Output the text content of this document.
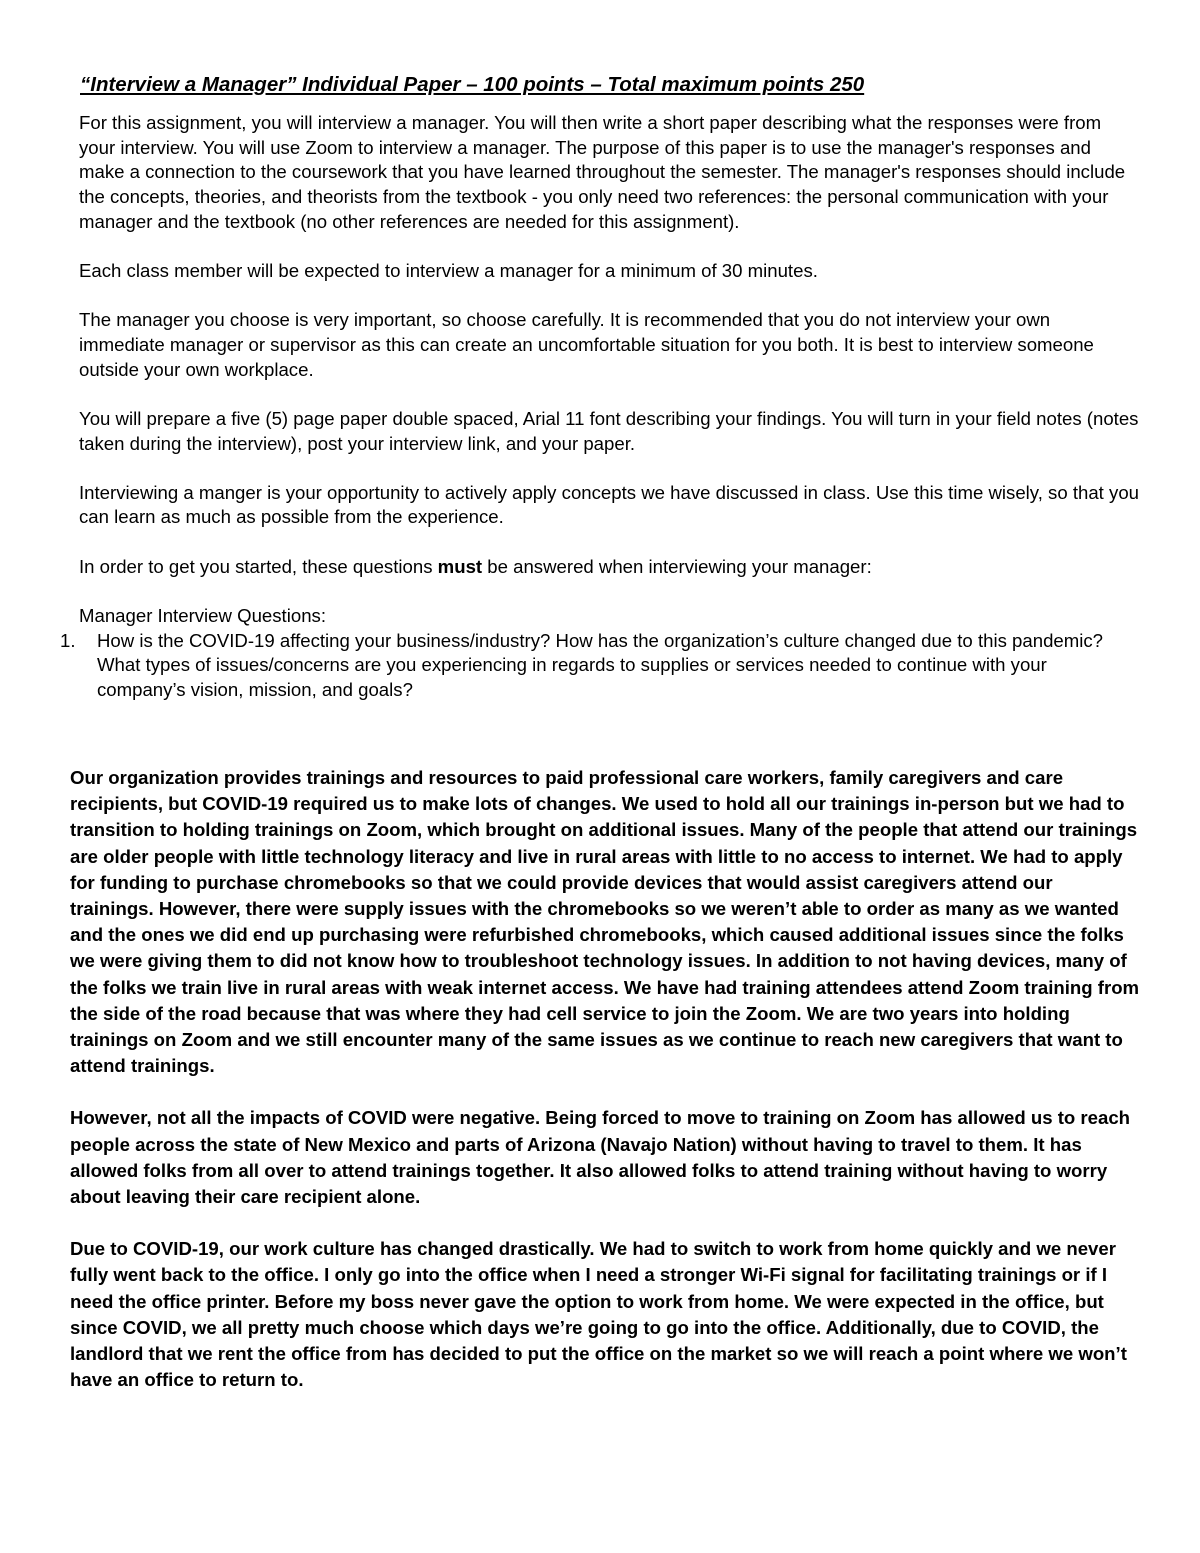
“Interview a Manager” Individual Paper – 100 points – Total maximum points 250

For this assignment, you will interview a manager. You will then write a short paper describing what the responses were from your interview. You will use Zoom to interview a manager. The purpose of this paper is to use the manager's responses and make a connection to the coursework that you have learned throughout the semester. The manager's responses should include the concepts, theories, and theorists from the textbook - you only need two references: the personal communication with your manager and the textbook (no other references are needed for this assignment).

Each class member will be expected to interview a manager for a minimum of 30 minutes.

The manager you choose is very important, so choose carefully. It is recommended that you do not interview your own immediate manager or supervisor as this can create an uncomfortable situation for you both. It is best to interview someone outside your own workplace.

You will prepare a five (5) page paper double spaced, Arial 11 font describing your findings. You will turn in your field notes (notes taken during the interview), post your interview link, and your paper.

Interviewing a manger is your opportunity to actively apply concepts we have discussed in class. Use this time wisely, so that you can learn as much as possible from the experience.

In order to get you started, these questions must be answered when interviewing your manager:

Manager Interview Questions:

1. How is the COVID-19 affecting your business/industry? How has the organization’s culture changed due to this pandemic? What types of issues/concerns are you experiencing in regards to supplies or services needed to continue with your company’s vision, mission, and goals?

Our organization provides trainings and resources to paid professional care workers, family caregivers and care recipients, but COVID-19 required us to make lots of changes. We used to hold all our trainings in-person but we had to transition to holding trainings on Zoom, which brought on additional issues. Many of the people that attend our trainings are older people with little technology literacy and live in rural areas with little to no access to internet. We had to apply for funding to purchase chromebooks so that we could provide devices that would assist caregivers attend our trainings. However, there were supply issues with the chromebooks so we weren’t able to order as many as we wanted and the ones we did end up purchasing were refurbished chromebooks, which caused additional issues since the folks we were giving them to did not know how to troubleshoot technology issues. In addition to not having devices, many of the folks we train live in rural areas with weak internet access. We have had training attendees attend Zoom training from the side of the road because that was where they had cell service to join the Zoom. We are two years into holding trainings on Zoom and we still encounter many of the same issues as we continue to reach new caregivers that want to attend trainings.

However, not all the impacts of COVID were negative. Being forced to move to training on Zoom has allowed us to reach people across the state of New Mexico and parts of Arizona (Navajo Nation) without having to travel to them. It has allowed folks from all over to attend trainings together. It also allowed folks to attend training without having to worry about leaving their care recipient alone.

Due to COVID-19, our work culture has changed drastically. We had to switch to work from home quickly and we never fully went back to the office. I only go into the office when I need a stronger Wi-Fi signal for facilitating trainings or if I need the office printer. Before my boss never gave the option to work from home. We were expected in the office, but since COVID, we all pretty much choose which days we’re going to go into the office. Additionally, due to COVID, the landlord that we rent the office from has decided to put the office on the market so we will reach a point where we won’t have an office to return to.
